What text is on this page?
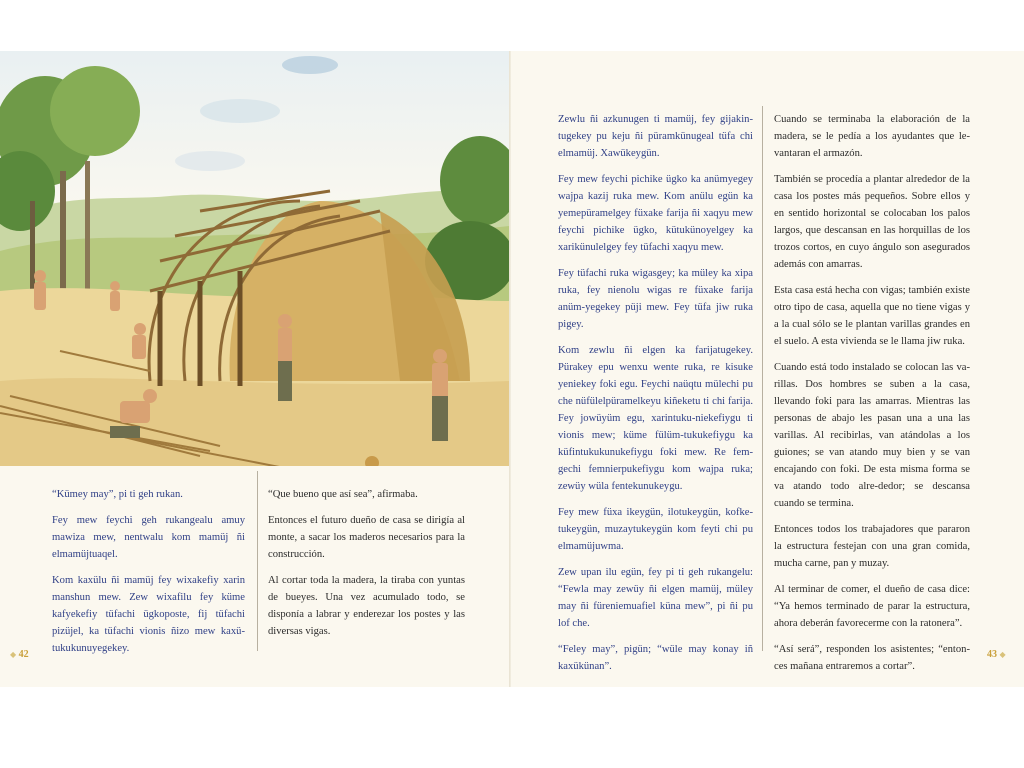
“Kümey may”, pi ti geh rukan.

Fey mew feychi geh rukangealu amuy mawiza mew, nentwalu kom mamüj ñi elmamüjtuaqel.

Kom kaxülu ñi mamüj fey wixakefiy xarin manshun mew. Zew wixafilu fey küme kafyekefiy tüfachi ügkoposte, fij tüfachi pizüjel, ka tüfachi vionis ñizo mew kaxü-tukukunuyegekey.

“Que bueno que así sea”, afirmaba.

Entonces el futuro dueño de casa se dirigía al monte, a sacar los maderos necesarios para la construcción.

Al cortar toda la madera, la tiraba con yuntas de bueyes. Una vez acumulado todo, se disponía a labrar y enderezar los postes y las diversas vigas.

◆ 42

Zewlu ñi azkunugen ti mamüj, fey gijakin-tugekey pu keju ñi püramkünugeal tüfa chi elmamüj. Xawükeygün.

Fey mew feychi pichike ügko ka anümyegey wajpa kazij ruka mew. Kom anülu egün ka yemepüramelgey füxake farija ñi xaqyu mew feychi pichike ügko, kütukünoyelgey ka xarikünulelgey fey tüfachi xaqyu mew.

Fey tüfachi ruka wigasgey; ka müley ka xipa ruka, fey nienolu wigas re füxake farija anüm-yegekey püji mew. Fey tüfa jiw ruka pigey.

Kom zewlu ñi elgen ka farijatugekey. Pürakey epu wenxu wente ruka, re kisuke yeniekey foki egu. Feychi naüqtu mülechi pu che nüfülelpüramelkeyu kiñeketu ti chi farija. Fey jowüyüm egu, xarintuku-niekefiygu ti vionis mew; küme fülüm-tukukefiygu ka küfintukukunukefiygu foki mew. Re fem-gechi femnierpukefiygu kom wajpa ruka; zewüy wüla fentekunukeygu.

Fey mew füxa ikeygün, ilotukeygün, kofke-tukeygün, muzaytukeygün kom feyti chi pu elmamüjuwma.

Zew upan ilu egün, fey pi ti geh rukangelu: “Fewla may zewüy ñi elgen mamüj, müley may ñi füreniemuafiel küna mew”, pi ñi pu lof che.

“Feley may”, pigün; “wüle may konay iñ kaxükünan”.

Cuando se terminaba la elaboración de la madera, se le pedía a los ayudantes que le-vantaran el armazón.

También se procedía a plantar alrededor de la casa los postes más pequeños. Sobre ellos y en sentido horizontal se colocaban los palos largos, que descansan en las horquillas de los trozos cortos, en cuyo ángulo son asegurados además con amarras.

Esta casa está hecha con vigas; también existe otro tipo de casa, aquella que no tiene vigas y a la cual sólo se le plantan varillas grandes en el suelo. A esta vivienda se le llama jiw ruka.

Cuando está todo instalado se colocan las va-rillas. Dos hombres se suben a la casa, llevando foki para las amarras. Mientras las personas de abajo les pasan una a una las varillas. Al recibirlas, van atándolas a los guiones; se van atando muy bien y se van encajando con foki. De esta misma forma se va atando todo alre-dedor; se descansa cuando se termina.

Entonces todos los trabajadores que pararon la estructura festejan con una gran comida, mucha carne, pan y muzay.

Al terminar de comer, el dueño de casa dice: “Ya hemos terminado de parar la estructura, ahora deberán favorecerme con la ratonera”.

“Así será”, responden los asistentes; “enton-ces mañana entraremos a cortar”.

43 ◆
